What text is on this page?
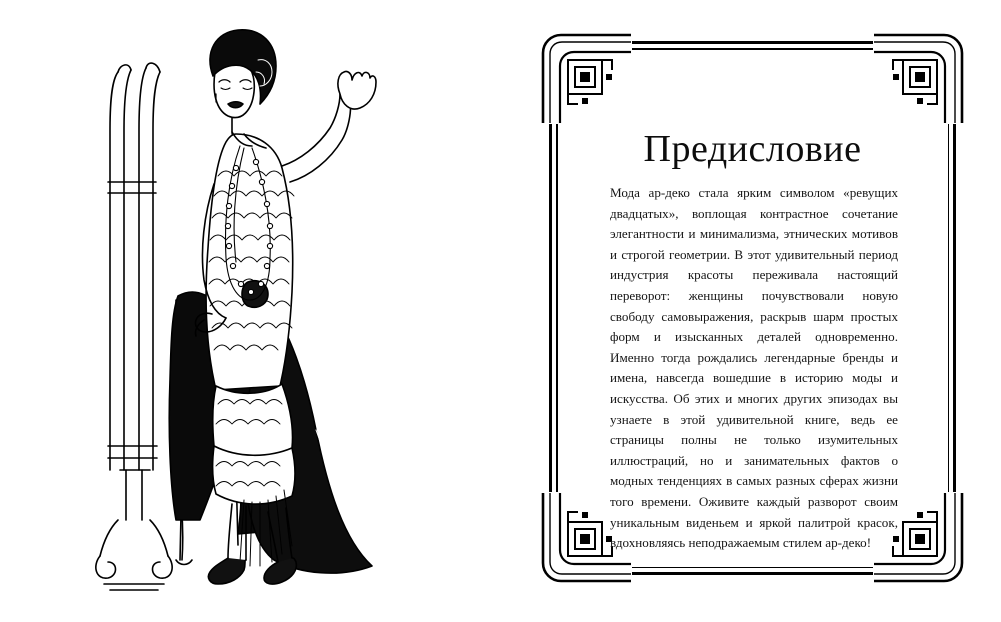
Предисловие

Мода ар-деко стала ярким символом «ревущих двадцатых», воплощая контрастное сочетание элегантности и минимализма, этнических мотивов и строгой геометрии. В этот удивительный период индустрия красоты переживала настоящий переворот: женщины почувствовали новую свободу самовыражения, раскрыв шарм простых форм и изысканных деталей одновременно. Именно тогда рождались легендарные бренды и имена, навсегда вошедшие в историю моды и искусства. Об этих и многих других эпизодах вы узнаете в этой удивительной книге, ведь ее страницы полны не только изумительных иллюстраций, но и занимательных фактов о модных тенденциях в самых разных сферах жизни того времени. Оживите каждый разворот своим уникальным виденьем и яркой палитрой красок, вдохновляясь неподражаемым стилем ар-деко!
